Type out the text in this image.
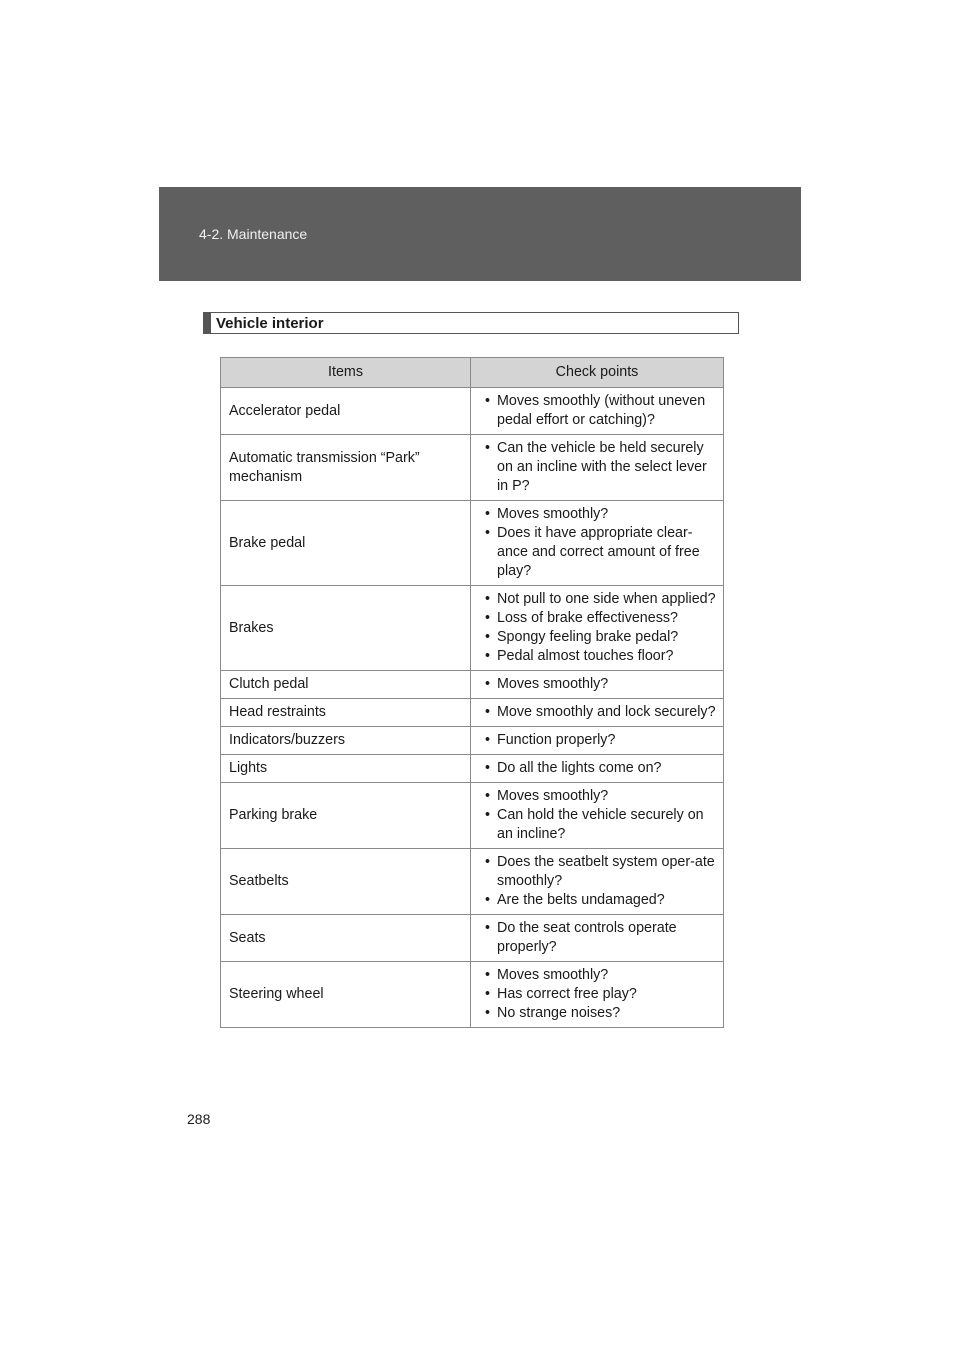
4-2. Maintenance
Vehicle interior
Items	Check points
Accelerator pedal	• Moves smoothly (without uneven pedal effort or catching)?

Automatic transmission “Park” mechanism	• Can the vehicle be held securely on an incline with the select lever in P?

Brake pedal	• Moves smoothly?
• Does it have appropriate clear-ance and correct amount of free play?

Brakes	• Not pull to one side when applied?
• Loss of brake effectiveness?
• Spongy feeling brake pedal?
• Pedal almost touches floor?

Clutch pedal	• Moves smoothly?

Head restraints	• Move smoothly and lock securely?

Indicators/buzzers	• Function properly?

Lights	• Do all the lights come on?

Parking brake	• Moves smoothly?
• Can hold the vehicle securely on an incline?

Seatbelts	• Does the seatbelt system oper-ate smoothly?
• Are the belts undamaged?

Seats	• Do the seat controls operate properly?

Steering wheel	• Moves smoothly?
• Has correct free play?
• No strange noises?
288
